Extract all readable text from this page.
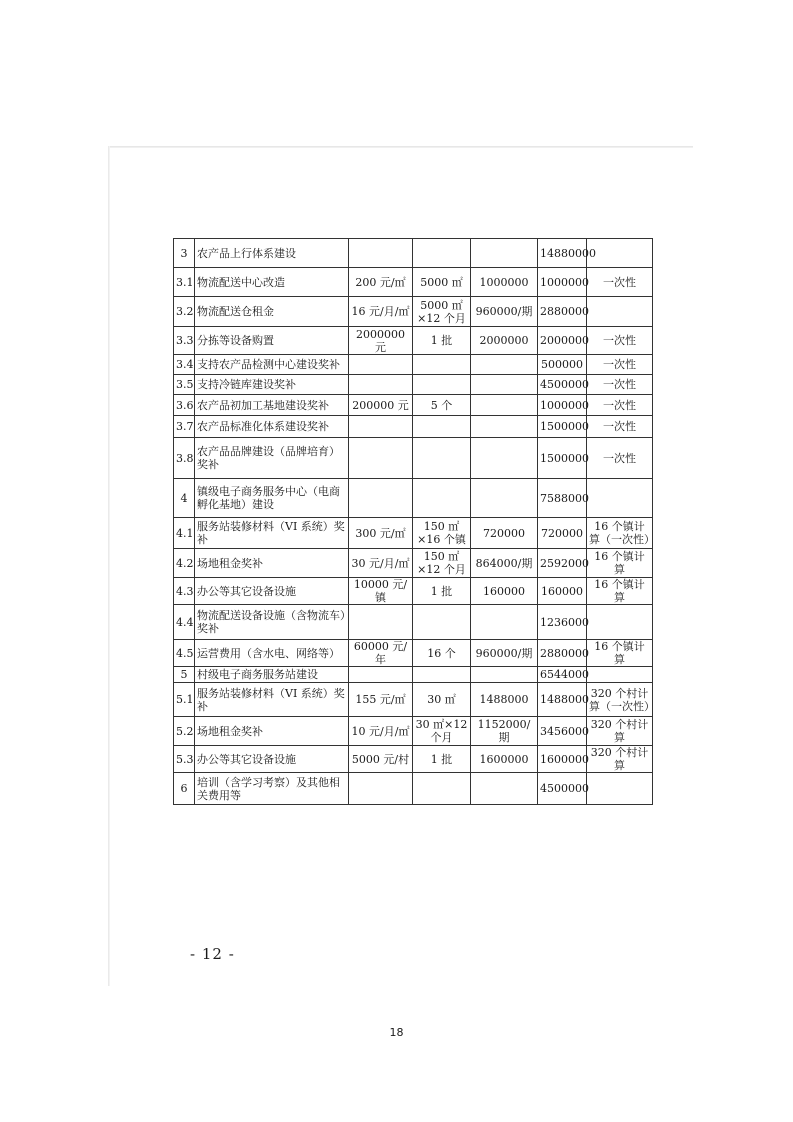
3	农产品上行体系建设				14880000	
3.1	物流配送中心改造	200 元/㎡	5000 ㎡	1000000	1000000	一次性
3.2	物流配送仓租金	16 元/月/㎡	5000 ㎡×12 个月	960000/期	2880000	
3.3	分拣等设备购置	2000000 元	1 批	2000000	2000000	一次性
3.4	支持农产品检测中心建设奖补				500000	一次性
3.5	支持冷链库建设奖补				4500000	一次性
3.6	农产品初加工基地建设奖补	200000 元	5 个		1000000	一次性
3.7	农产品标准化体系建设奖补				1500000	一次性
3.8	农产品品牌建设（品牌培育）奖补				1500000	一次性
4	镇级电子商务服务中心（电商孵化基地）建设				7588000	
4.1	服务站装修材料（VI 系统）奖补	300 元/㎡	150 ㎡×16 个镇	720000	720000	16 个镇计算（一次性）
4.2	场地租金奖补	30 元/月/㎡	150 ㎡×12 个月	864000/期	2592000	16 个镇计算
4.3	办公等其它设备设施	10000 元/镇	1 批	160000	160000	16 个镇计算
4.4	物流配送设备设施（含物流车）奖补				1236000	
4.5	运营费用（含水电、网络等）	60000 元/年	16 个	960000/期	2880000	16 个镇计算
5	村级电子商务服务站建设				6544000	
5.1	服务站装修材料（VI 系统）奖补	155 元/㎡	30 ㎡	1488000	1488000	320 个村计算（一次性）
5.2	场地租金奖补	10 元/月/㎡	30 ㎡×12 个月	1152000/期	3456000	320 个村计算
5.3	办公等其它设备设施	5000 元/村	1 批	1600000	1600000	320 个村计算
6	培训（含学习考察）及其他相关费用等				4500000	
- 12 -
18
